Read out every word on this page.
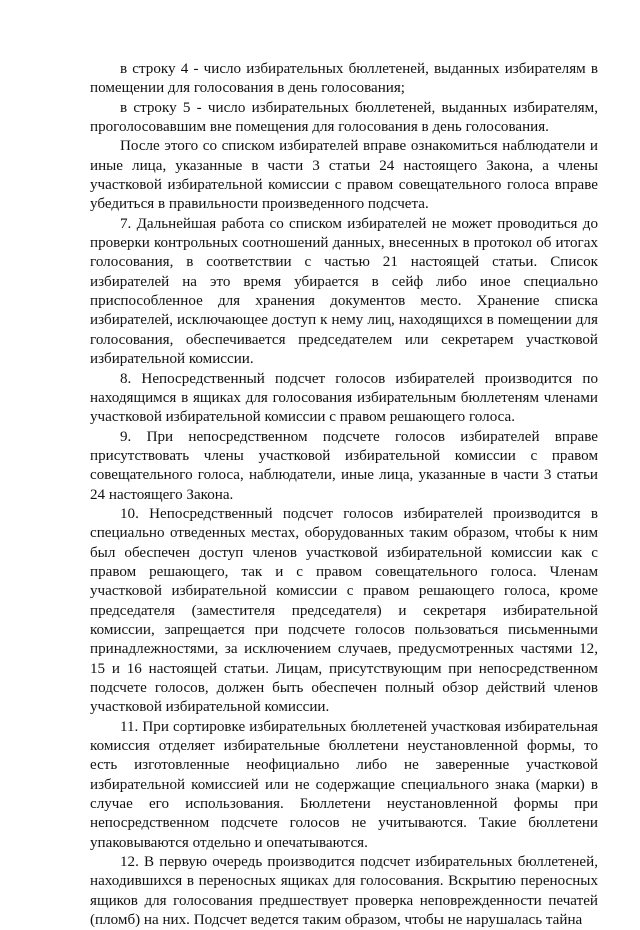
в строку 4 - число избирательных бюллетеней, выданных избирателям в помещении для голосования в день голосования;

в строку 5 - число избирательных бюллетеней, выданных избирателям, проголосовавшим вне помещения для голосования в день голосования.

После этого со списком избирателей вправе ознакомиться наблюдатели и иные лица, указанные в части 3 статьи 24 настоящего Закона, а члены участковой избирательной комиссии с правом совещательного голоса вправе убедиться в правильности произведенного подсчета.

7. Дальнейшая работа со списком избирателей не может проводиться до проверки контрольных соотношений данных, внесенных в протокол об итогах голосования, в соответствии с частью 21 настоящей статьи. Список избирателей на это время убирается в сейф либо иное специально приспособленное для хранения документов место. Хранение списка избирателей, исключающее доступ к нему лиц, находящихся в помещении для голосования, обеспечивается председателем или секретарем участковой избирательной комиссии.

8. Непосредственный подсчет голосов избирателей производится по находящимся в ящиках для голосования избирательным бюллетеням членами участковой избирательной комиссии с правом решающего голоса.

9. При непосредственном подсчете голосов избирателей вправе присутствовать члены участковой избирательной комиссии с правом совещательного голоса, наблюдатели, иные лица, указанные в части 3 статьи 24 настоящего Закона.

10. Непосредственный подсчет голосов избирателей производится в специально отведенных местах, оборудованных таким образом, чтобы к ним был обеспечен доступ членов участковой избирательной комиссии как с правом решающего, так и с правом совещательного голоса. Членам участковой избирательной комиссии с правом решающего голоса, кроме председателя (заместителя председателя) и секретаря избирательной комиссии, запрещается при подсчете голосов пользоваться письменными принадлежностями, за исключением случаев, предусмотренных частями 12, 15 и 16 настоящей статьи. Лицам, присутствующим при непосредственном подсчете голосов, должен быть обеспечен полный обзор действий членов участковой избирательной комиссии.

11. При сортировке избирательных бюллетеней участковая избирательная комиссия отделяет избирательные бюллетени неустановленной формы, то есть изготовленные неофициально либо не заверенные участковой избирательной комиссией или не содержащие специального знака (марки) в случае его использования. Бюллетени неустановленной формы при непосредственном подсчете голосов не учитываются. Такие бюллетени упаковываются отдельно и опечатываются.

12. В первую очередь производится подсчет избирательных бюллетеней, находившихся в переносных ящиках для голосования. Вскрытию переносных ящиков для голосования предшествует проверка неповрежденности печатей (пломб) на них. Подсчет ведется таким образом, чтобы не нарушалась тайна
